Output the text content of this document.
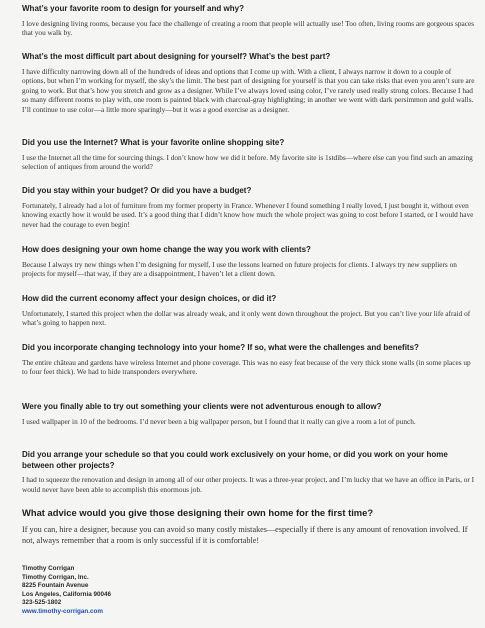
What’s your favorite room to design for yourself and why?

I love designing living rooms, because you face the challenge of creating a room that people will actually use! Too often, living rooms are gorgeous spaces that you walk by.

What’s the most difficult part about designing for yourself? What’s the best part?

I have difficulty narrowing down all of the hundreds of ideas and options that I come up with. With a client, I always narrow it down to a couple of options, but when I’m working for myself, the sky’s the limit. The best part of designing for yourself is that you can take risks that even you aren’t sure are going to work. But that’s how you stretch and grow as a designer. While I’ve always loved using color, I’ve rarely used really strong colors. Because I had so many different rooms to play with, one room is painted black with charcoal-gray highlighting; in another we went with dark persimmon and gold walls. I’ll continue to use color—a little more sparingly—but it was a good exercise as a designer.

Did you use the Internet? What is your favorite online shopping site?

I use the Internet all the time for sourcing things. I don’t know how we did it before. My favorite site is 1stdibs—where else can you find such an amazing selection of antiques from around the world?

Did you stay within your budget? Or did you have a budget?

Fortunately, I already had a lot of furniture from my former property in France. Whenever I found something I really loved, I just bought it, without even knowing exactly how it would be used. It’s a good thing that I didn’t know how much the whole project was going to cost before I started, or I would have never had the courage to even begin!

How does designing your own home change the way you work with clients?

Because I always try new things when I’m designing for myself, I use the lessons learned on future projects for clients. I always try new suppliers on projects for myself—that way, if they are a disappointment, I haven’t let a client down.

How did the current economy affect your design choices, or did it?

Unfortunately, I started this project when the dollar was already weak, and it only went down throughout the project. But you can’t live your life afraid of what’s going to happen next.

Did you incorporate changing technology into your home? If so, what were the challenges and benefits?

The entire château and gardens have wireless Internet and phone coverage. This was no easy feat because of the very thick stone walls (in some places up to four feet thick). We had to hide transponders everywhere.

Were you finally able to try out something your clients were not adventurous enough to allow?

I used wallpaper in 10 of the bedrooms. I’d never been a big wallpaper person, but I found that it really can give a room a lot of punch.

Did you arrange your schedule so that you could work exclusively on your home, or did you work on your home between other projects?

I had to squeeze the renovation and design in among all of our other projects. It was a three-year project, and I’m lucky that we have an office in Paris, or I would never have been able to accomplish this enormous job.

What advice would you give those designing their own home for the first time?

If you can, hire a designer, because you can avoid so many costly mistakes—especially if there is any amount of renovation involved. If not, always remember that a room is only successful if it is comfortable!

Timothy Corrigan
Timothy Corrigan, Inc.
8225 Fountain Avenue
Los Angeles, California 90046
323-525-1802
www.timothy-corrigan.com
